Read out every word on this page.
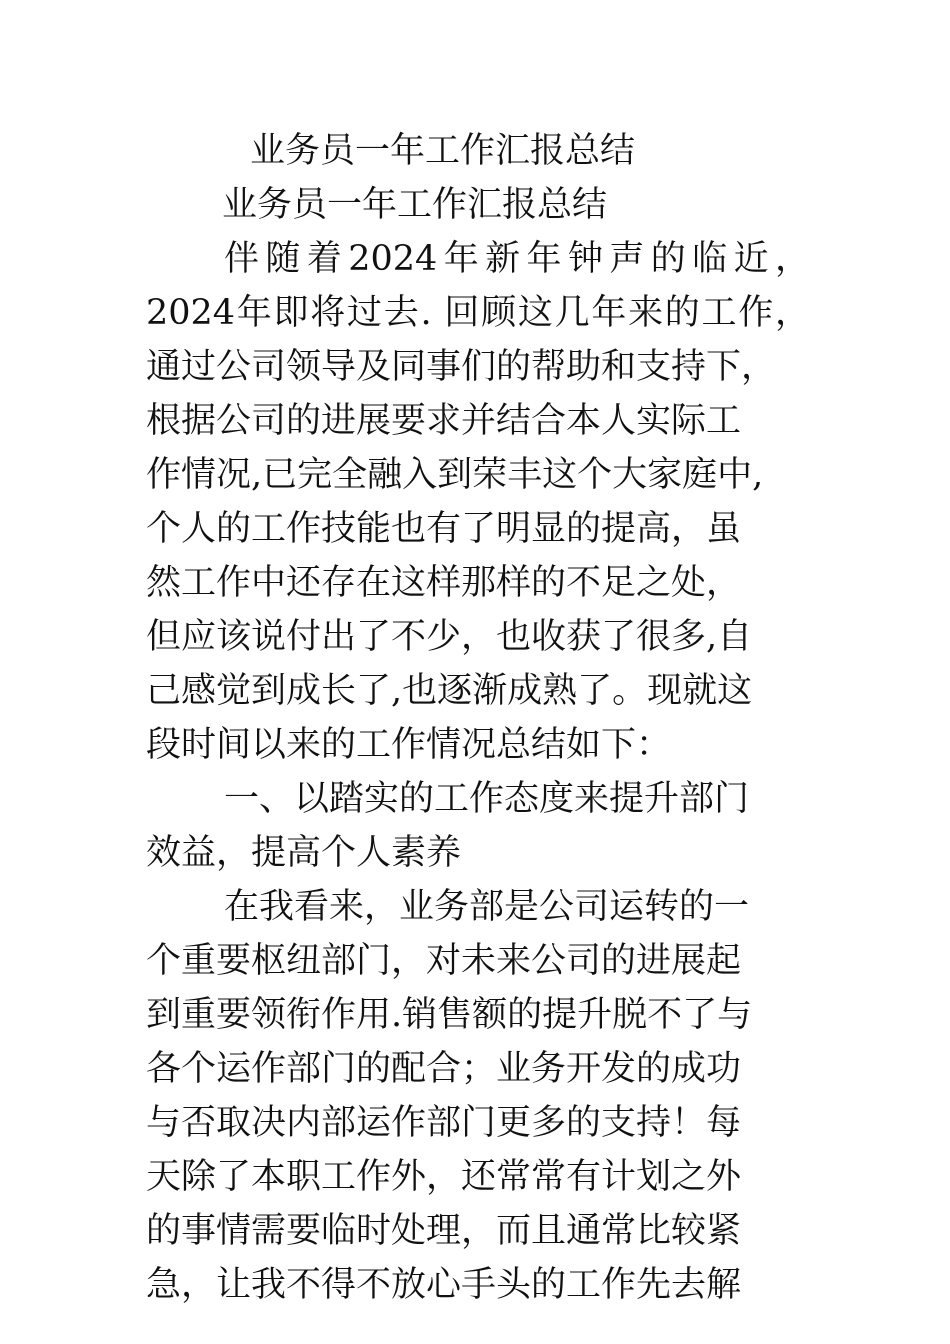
业务员一年工作汇报总结
业务员一年工作汇报总结
伴随着2024年新年钟声的临近，
2024年即将过去. 回顾这几年来的工作，
通过公司领导及同事们的帮助和支持下，
根据公司的进展要求并结合本人实际工
作情况,已完全融入到荣丰这个大家庭中,
个人的工作技能也有了明显的提高，虽
然工作中还存在这样那样的不足之处，
但应该说付出了不少，也收获了很多,自
己感觉到成长了,也逐渐成熟了。现就这
段时间以来的工作情况总结如下：
一、以踏实的工作态度来提升部门
效益，提高个人素养
在我看来，业务部是公司运转的一
个重要枢纽部门，对未来公司的进展起
到重要领衔作用.销售额的提升脱不了与
各个运作部门的配合；业务开发的成功
与否取决内部运作部门更多的支持！每
天除了本职工作外，还常常有计划之外
的事情需要临时处理，而且通常比较紧
急，让我不得不放心手头的工作先去解
